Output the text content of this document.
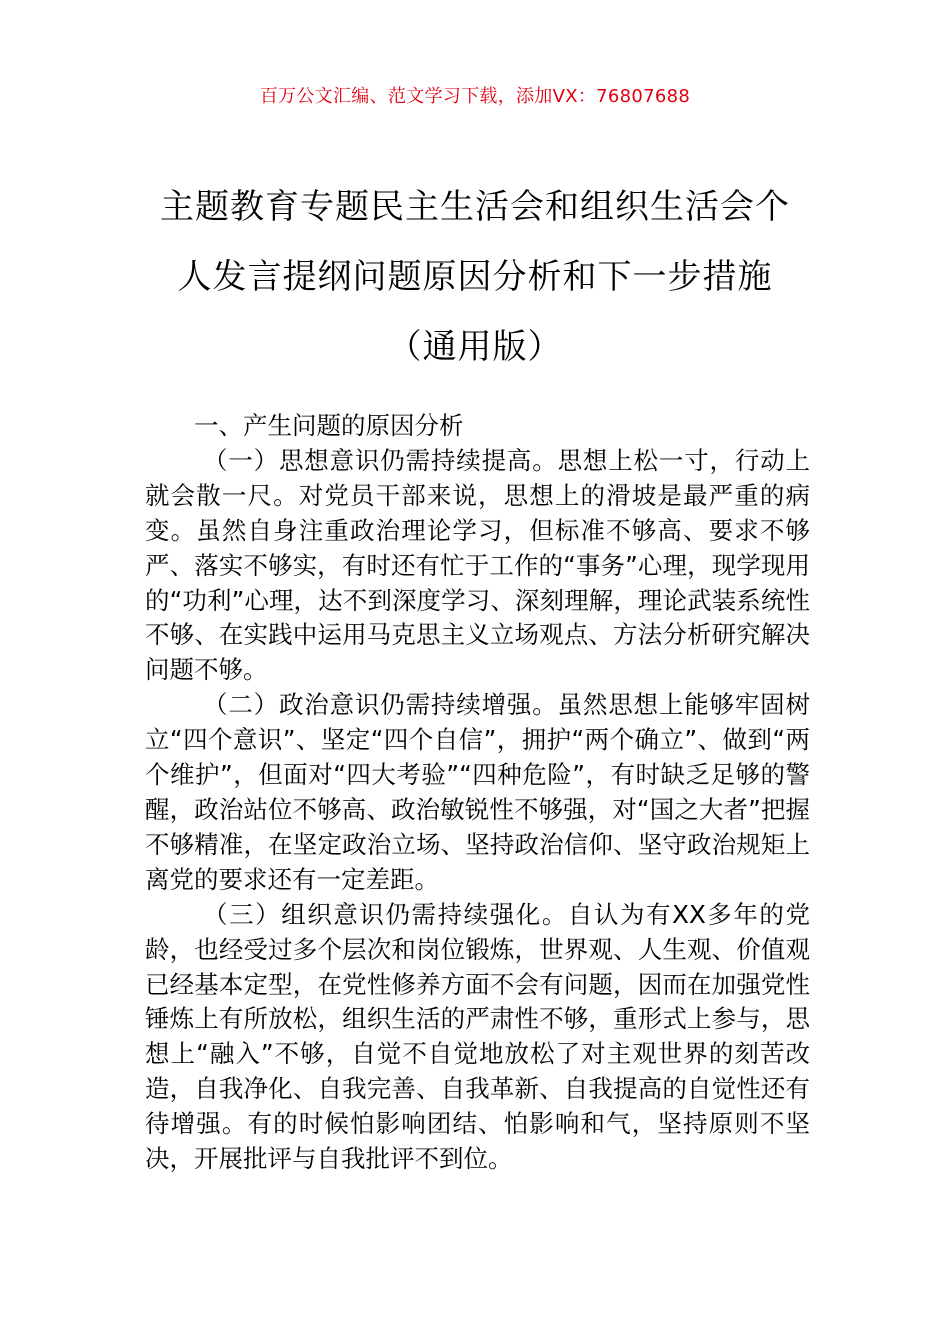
百万公文汇编、范文学习下载，添加VX：76807688
主题教育专题民主生活会和组织生活会个
人发言提纲问题原因分析和下一步措施
（通用版）

一、产生问题的原因分析

（一）思想意识仍需持续提高。思想上松一寸，行动上就会散一尺。对党员干部来说，思想上的滑坡是最严重的病变。虽然自身注重政治理论学习，但标准不够高、要求不够严、落实不够实，有时还有忙于工作的“事务”心理，现学现用的“功利”心理，达不到深度学习、深刻理解，理论武装系统性不够、在实践中运用马克思主义立场观点、方法分析研究解决问题不够。

（二）政治意识仍需持续增强。虽然思想上能够牢固树立“四个意识”、坚定“四个自信”，拥护“两个确立”、做到“两个维护”，但面对“四大考验”“四种危险”，有时缺乏足够的警醒，政治站位不够高、政治敏锐性不够强，对“国之大者”把握不够精准，在坚定政治立场、坚持政治信仰、坚守政治规矩上离党的要求还有一定差距。

（三）组织意识仍需持续强化。自认为有XX多年的党龄，也经受过多个层次和岗位锻炼，世界观、人生观、价值观已经基本定型，在党性修养方面不会有问题，因而在加强党性锤炼上有所放松，组织生活的严肃性不够，重形式上参与，思想上“融入”不够，自觉不自觉地放松了对主观世界的刻苦改造，自我净化、自我完善、自我革新、自我提高的自觉性还有待增强。有的时候怕影响团结、怕影响和气，坚持原则不坚决，开展批评与自我批评不到位。
